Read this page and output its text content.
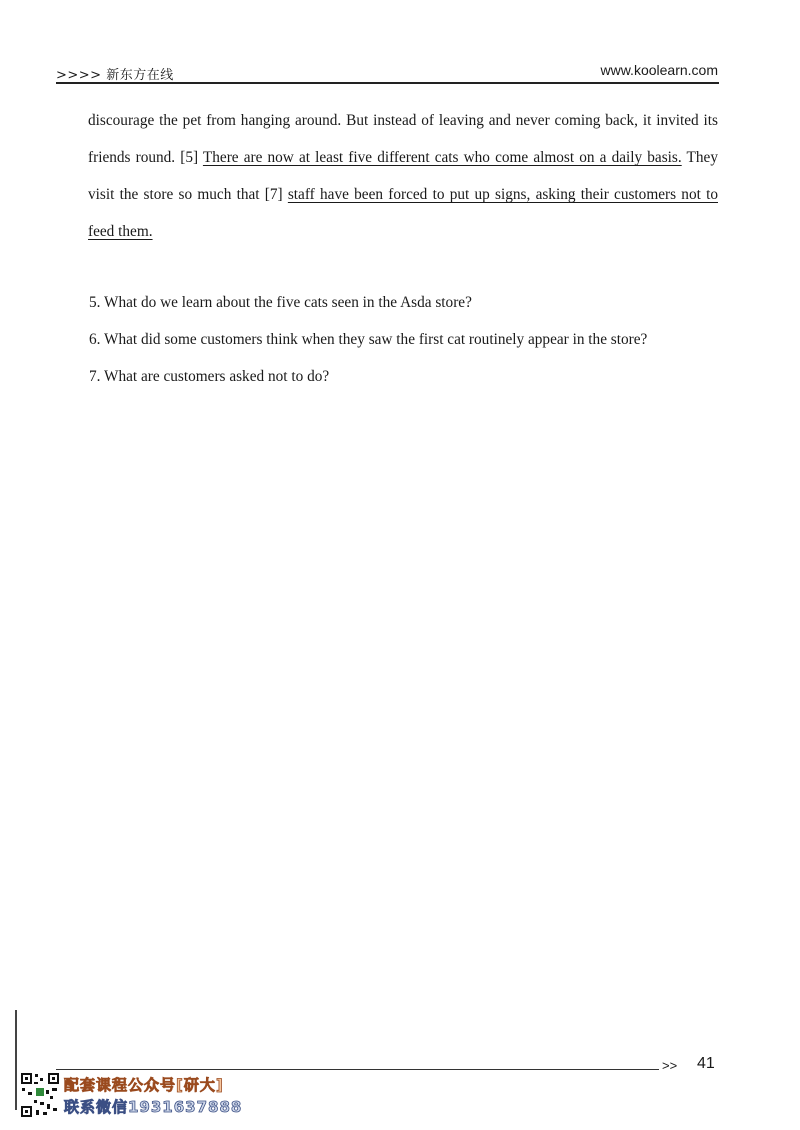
>>>> 新东方在线	www.koolearn.com
discourage the pet from hanging around. But instead of leaving and never coming back, it invited its friends round. [5] There are now at least five different cats who come almost on a daily basis. They visit the store so much that [7] staff have been forced to put up signs, asking their customers not to feed them.
5. What do we learn about the five cats seen in the Asda store?
6. What did some customers think when they saw the first cat routinely appear in the store?
7. What are customers asked not to do?
>> 41
配套课程公众号[研大]
联系微信1931637888
